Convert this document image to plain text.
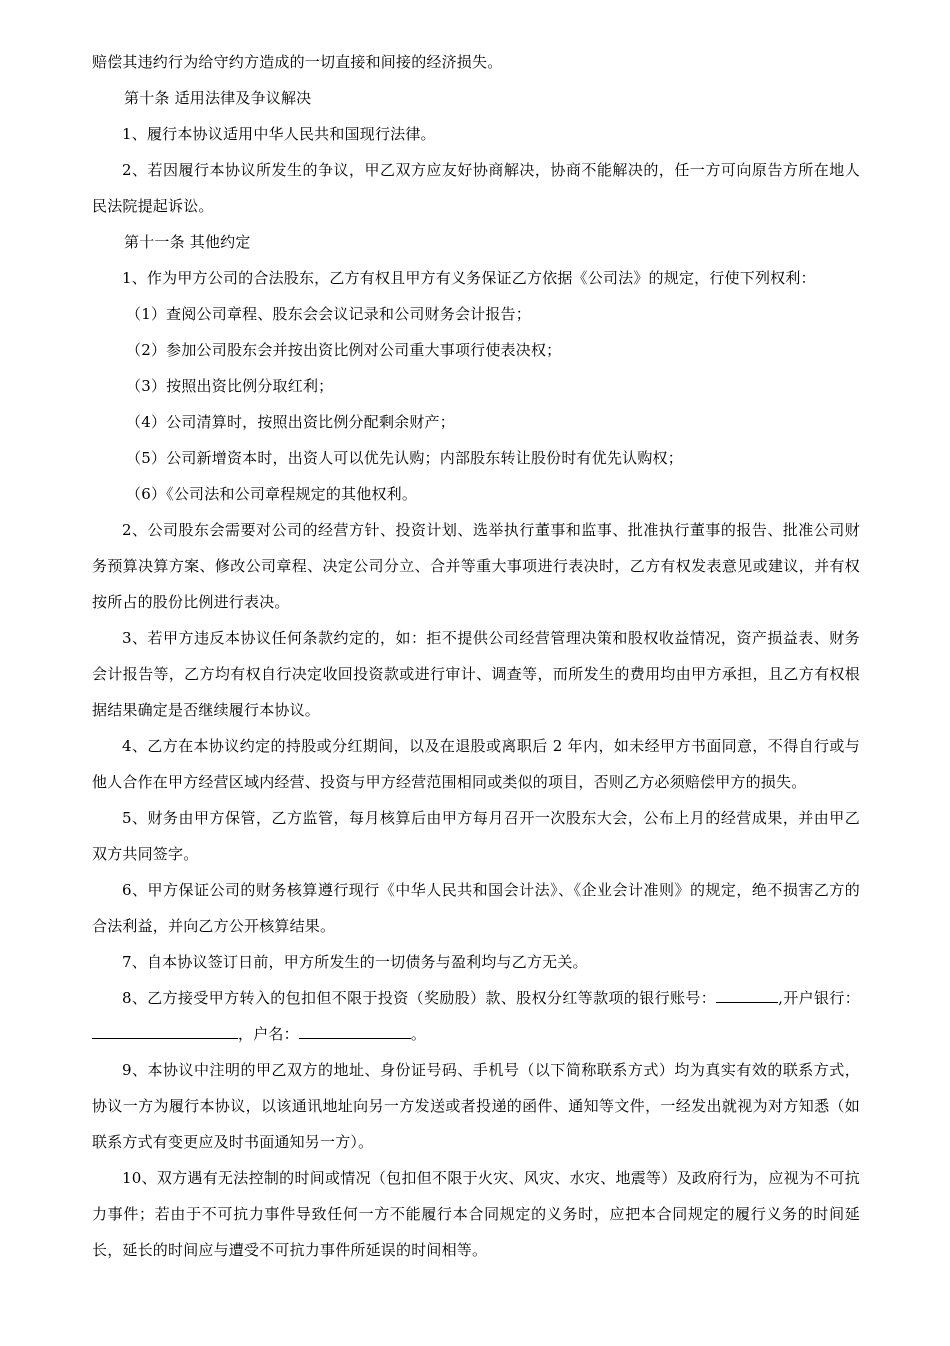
赔偿其违约行为给守约方造成的一切直接和间接的经济损失。

第十条 适用法律及争议解决

1、履行本协议适用中华人民共和国现行法律。

2、若因履行本协议所发生的争议，甲乙双方应友好协商解决，协商不能解决的，任一方可向原告方所在地人民法院提起诉讼。

第十一条 其他约定

1、作为甲方公司的合法股东，乙方有权且甲方有义务保证乙方依据《公司法》的规定，行使下列权利：

（1）查阅公司章程、股东会会议记录和公司财务会计报告；

（2）参加公司股东会并按出资比例对公司重大事项行使表决权；

（3）按照出资比例分取红利；

（4）公司清算时，按照出资比例分配剩余财产；

（5）公司新增资本时，出资人可以优先认购；内部股东转让股份时有优先认购权；

（6）《公司法和公司章程规定的其他权利。

2、公司股东会需要对公司的经营方针、投资计划、选举执行董事和监事、批准执行董事的报告、批准公司财务预算决算方案、修改公司章程、决定公司分立、合并等重大事项进行表决时，乙方有权发表意见或建议，并有权按所占的股份比例进行表决。

3、若甲方违反本协议任何条款约定的，如：拒不提供公司经营管理决策和股权收益情况，资产损益表、财务会计报告等，乙方均有权自行决定收回投资款或进行审计、调查等，而所发生的费用均由甲方承担，且乙方有权根据结果确定是否继续履行本协议。

4、乙方在本协议约定的持股或分红期间，以及在退股或离职后 2 年内，如未经甲方书面同意，不得自行或与他人合作在甲方经营区域内经营、投资与甲方经营范围相同或类似的项目，否则乙方必须赔偿甲方的损失。

5、财务由甲方保管，乙方监管，每月核算后由甲方每月召开一次股东大会，公布上月的经营成果，并由甲乙双方共同签字。

6、甲方保证公司的财务核算遵行现行《中华人民共和国会计法》、《企业会计准则》的规定，绝不损害乙方的合法利益，并向乙方公开核算结果。

7、自本协议签订日前，甲方所发生的一切债务与盈利均与乙方无关。

8、乙方接受甲方转入的包扣但不限于投资（奖励股）款、股权分红等款项的银行账号：	,开户银行：，户名：	。

9、本协议中注明的甲乙双方的地址、身份证号码、手机号（以下简称联系方式）均为真实有效的联系方式，协议一方为履行本协议，以该通讯地址向另一方发送或者投递的函件、通知等文件，一经发出就视为对方知悉（如联系方式有变更应及时书面通知另一方）。

10、双方遇有无法控制的时间或情况（包扣但不限于火灾、风灾、水灾、地震等）及政府行为，应视为不可抗力事件；若由于不可抗力事件导致任何一方不能履行本合同规定的义务时，应把本合同规定的履行义务的时间延长，延长的时间应与遭受不可抗力事件所延误的时间相等。
